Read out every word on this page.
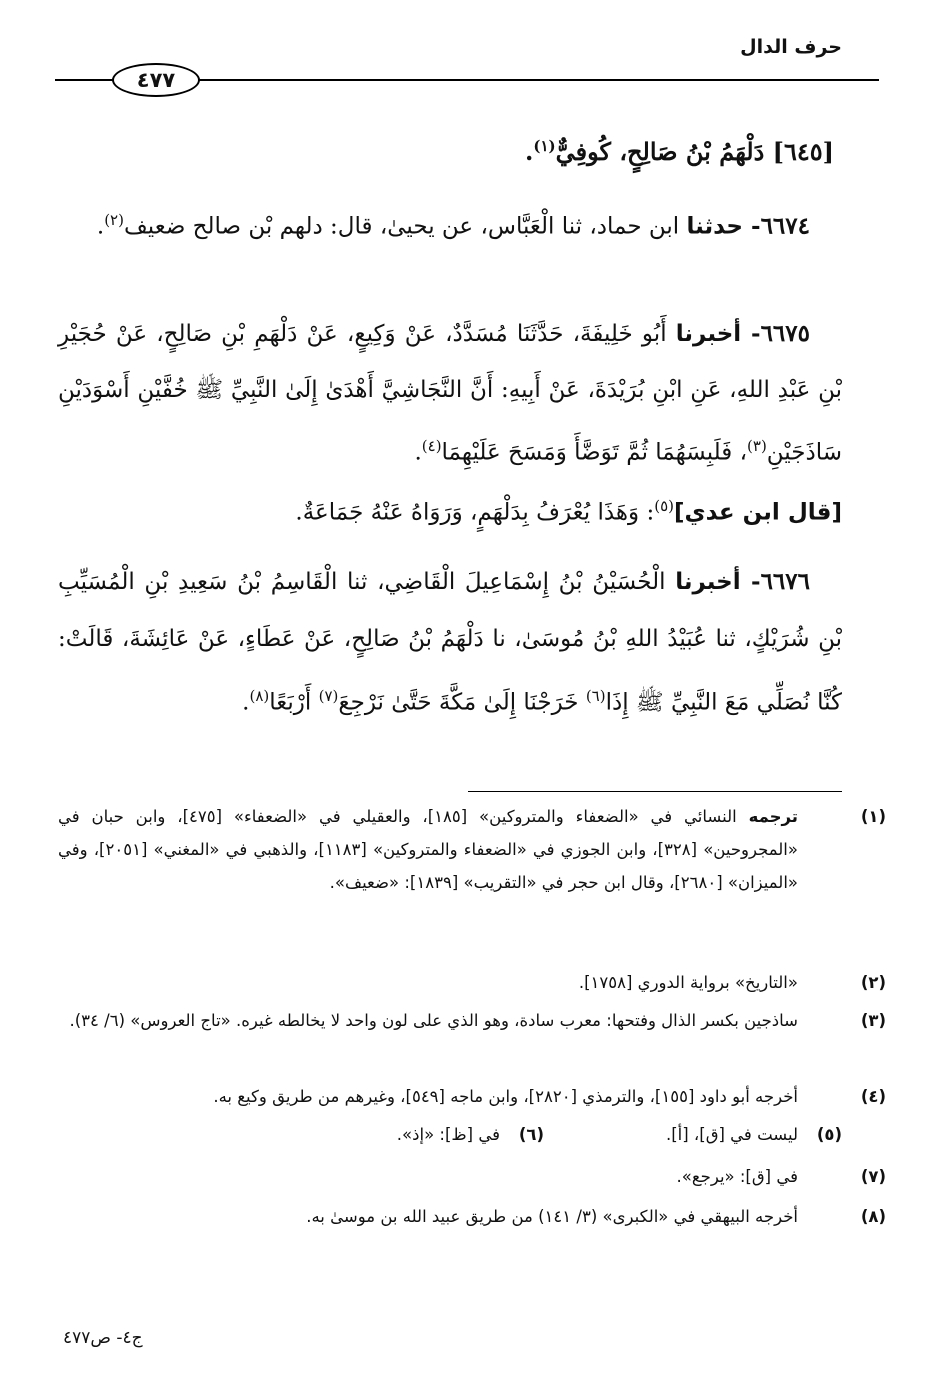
حرف الدال
٤٧٧
[٦٤٥] دَلْهَمُ بْنُ صَالِحٍ، كُوفِيٌّ$^{(١)}$.
٦٦٧٤- حدثنا ابن حماد، ثنا الْعَبَّاس، عن يحيىٰ، قال: دلهم بْن صالح ضعيف$^{(٢)}$.
٦٦٧٥- أخبرنا أَبُو خَلِيفَةَ، حَدَّثَنَا مُسَدَّدٌ، عَنْ وَكِيعٍ، عَنْ دَلْهَمِ بْنِ صَالِحٍ، عَنْ حُجَيْرِ بْنِ عَبْدِ اللهِ، عَنِ ابْنِ بُرَيْدَةَ، عَنْ أَبِيهِ: أَنَّ النَّجَاشِيَّ أَهْدَىٰ إِلَىٰ النَّبِيِّ ﷺ خُفَّيْنِ أَسْوَدَيْنِ سَاذَجَيْنِ$^{(٣)}$، فَلَبِسَهُمَا ثُمَّ تَوَضَّأَ وَمَسَحَ عَلَيْهِمَا$^{(٤)}$.
[قال ابن عدي]$^{(٥)}$: وَهَذَا يُعْرَفُ بِدَلْهَمٍ، وَرَوَاهُ عَنْهُ جَمَاعَةٌ.
٦٦٧٦- أخبرنا الْحُسَيْنُ بْنُ إِسْمَاعِيلَ الْقَاضِي، ثنا الْقَاسِمُ بْنُ سَعِيدِ بْنِ الْمُسَيِّبِ بْنِ شُرَيْكٍ، ثنا عُبَيْدُ اللهِ بْنُ مُوسَىٰ، نا دَلْهَمُ بْنُ صَالِحٍ، عَنْ عَطَاءٍ، عَنْ عَائِشَةَ، قَالَتْ: كُنَّا نُصَلِّي مَعَ النَّبِيِّ ﷺ إِذَا$^{(٦)}$ خَرَجْنَا إِلَىٰ مَكَّةَ حَتَّىٰ نَرْجِعَ$^{(٧)}$ أَرْبَعًا$^{(٨)}$.
(١)ترجمه النسائي في «الضعفاء والمتروكين» [١٨٥]، والعقيلي في «الضعفاء» [٤٧٥]، وابن حبان في «المجروحين» [٣٢٨]، وابن الجوزي في «الضعفاء والمتروكين» [١١٨٣]، والذهبي في «المغني» [٢٠٥١]، وفي «الميزان» [٢٦٨٠]، وقال ابن حجر في «التقريب» [١٨٣٩]: «ضعيف».
(٢)«التاريخ» برواية الدوري [١٧٥٨].
(٣)ساذجين بكسر الذال وفتحها: معرب سادة، وهو الذي على لون واحد لا يخالطه غيره. «تاج العروس» (٦/ ٣٤).
(٤)أخرجه أبو داود [١٥٥]، والترمذي [٢٨٢٠]، وابن ماجه [٥٤٩]، وغيرهم من طريق وكيع به.
(٥)ليست في [ق]، [أ].
(٦)في [ظ]: «إذ».
(٧)في [ق]: «يرجع».
(٨)أخرجه البيهقي في «الكبرى» (٣/ ١٤١) من طريق عبيد الله بن موسىٰ به.
ج٤- ص٤٧٧
